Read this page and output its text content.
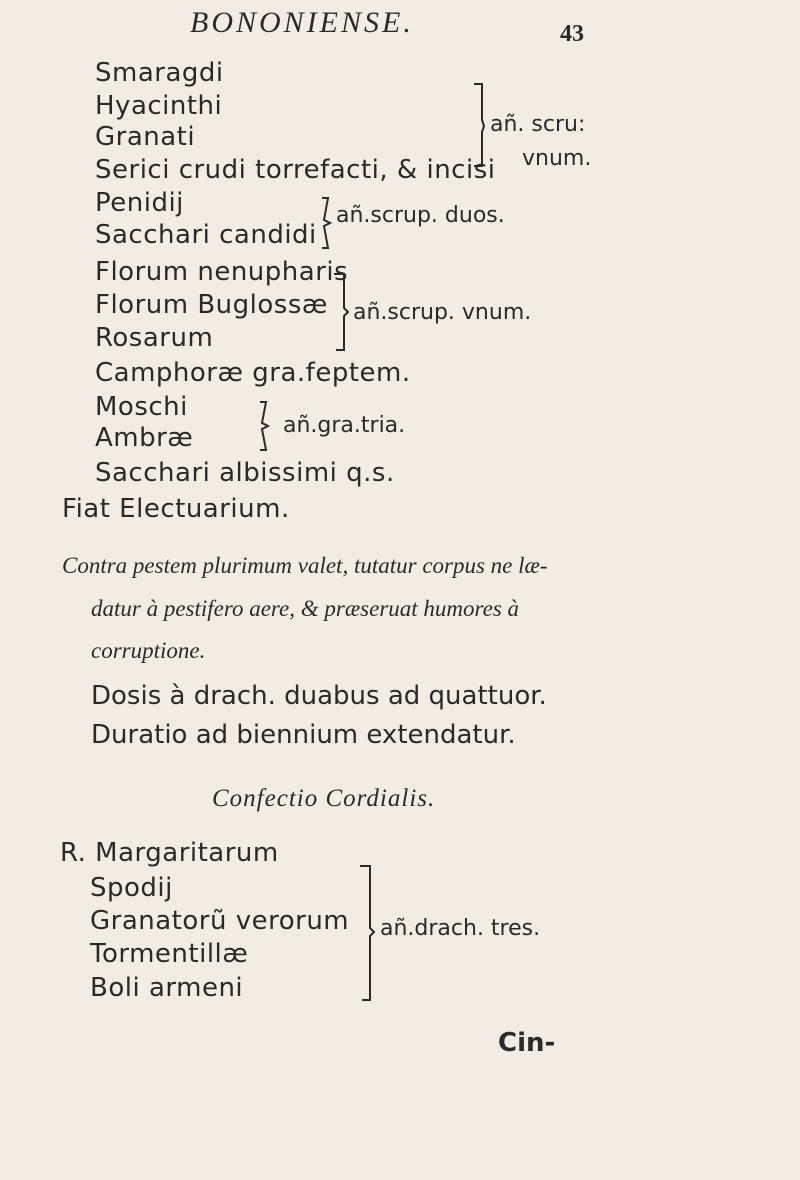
BONONIENSE.	43
Smaragdi
Hyacinthi
Granati
Serici crudi torrefacti, & incisi
añ. scru:
vnum.
Penidij
Sacchari candidi
añ.scrup. duos.
Florum nenupharis
Florum Buglossæ
Rosarum
añ.scrup. vnum.
Camphoræ gra.feptem.
Moschi
Ambræ	añ.gra.tria.
Sacchari albissimi q.s.
Fiat Electuarium.
Contra pestem plurimum valet, tutatur corpus ne læ-
datur à pestifero aere, & præseruat humores à
corruptione.
Dosis à drach. duabus ad quattuor.
Duratio ad biennium extendatur.
Confectio Cordialis.
R. Margaritarum
Spodij
Granatorũ verorum
Tormentillæ
Boli armeni
añ.drach. tres.
Cin-
